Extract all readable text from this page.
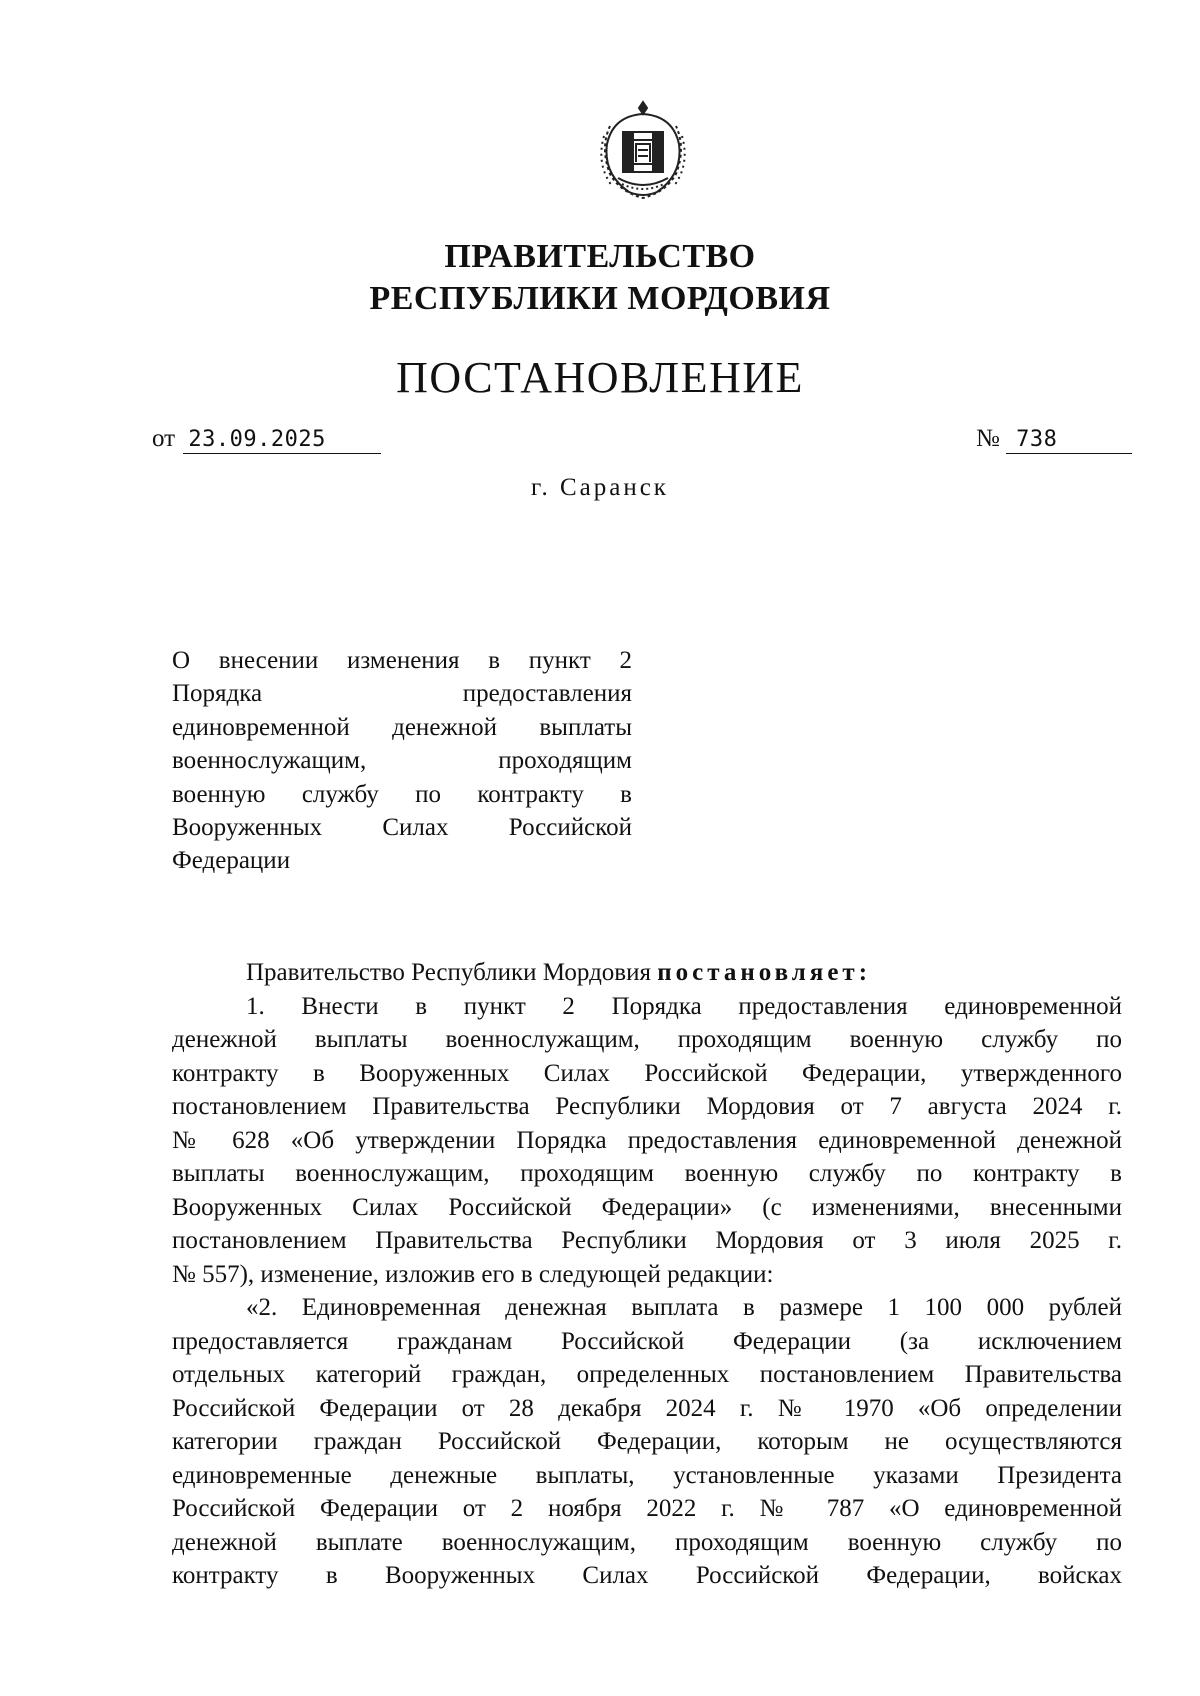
ПРАВИТЕЛЬСТВО
РЕСПУБЛИКИ МОРДОВИЯ
ПОСТАНОВЛЕНИЕ
от 23.09.2025	№ 738
г. Саранск
О внесении изменения в пункт 2
Порядка предоставления
единовременной денежной выплаты
военнослужащим, проходящим
военную службу по контракту в
Вооруженных Силах Российской
Федерации
Правительство Республики Мордовия постановляет:
1. Внести в пункт 2 Порядка предоставления единовременной
денежной выплаты военнослужащим, проходящим военную службу по
контракту в Вооруженных Силах Российской Федерации, утвержденного
постановлением Правительства Республики Мордовия от 7 августа 2024 г.
№ 628 «Об утверждении Порядка предоставления единовременной денежной
выплаты военнослужащим, проходящим военную службу по контракту в
Вооруженных Силах Российской Федерации» (с изменениями, внесенными
постановлением Правительства Республики Мордовия от 3 июля 2025 г.
№ 557), изменение, изложив его в следующей редакции:
«2. Единовременная денежная выплата в размере 1 100 000 рублей
предоставляется гражданам Российской Федерации (за исключением
отдельных категорий граждан, определенных постановлением Правительства
Российской Федерации от 28 декабря 2024 г. № 1970 «Об определении
категории граждан Российской Федерации, которым не осуществляются
единовременные денежные выплаты, установленные указами Президента
Российской Федерации от 2 ноября 2022 г. № 787 «О единовременной
денежной выплате военнослужащим, проходящим военную службу по
контракту в Вооруженных Силах Российской Федерации, войсках
